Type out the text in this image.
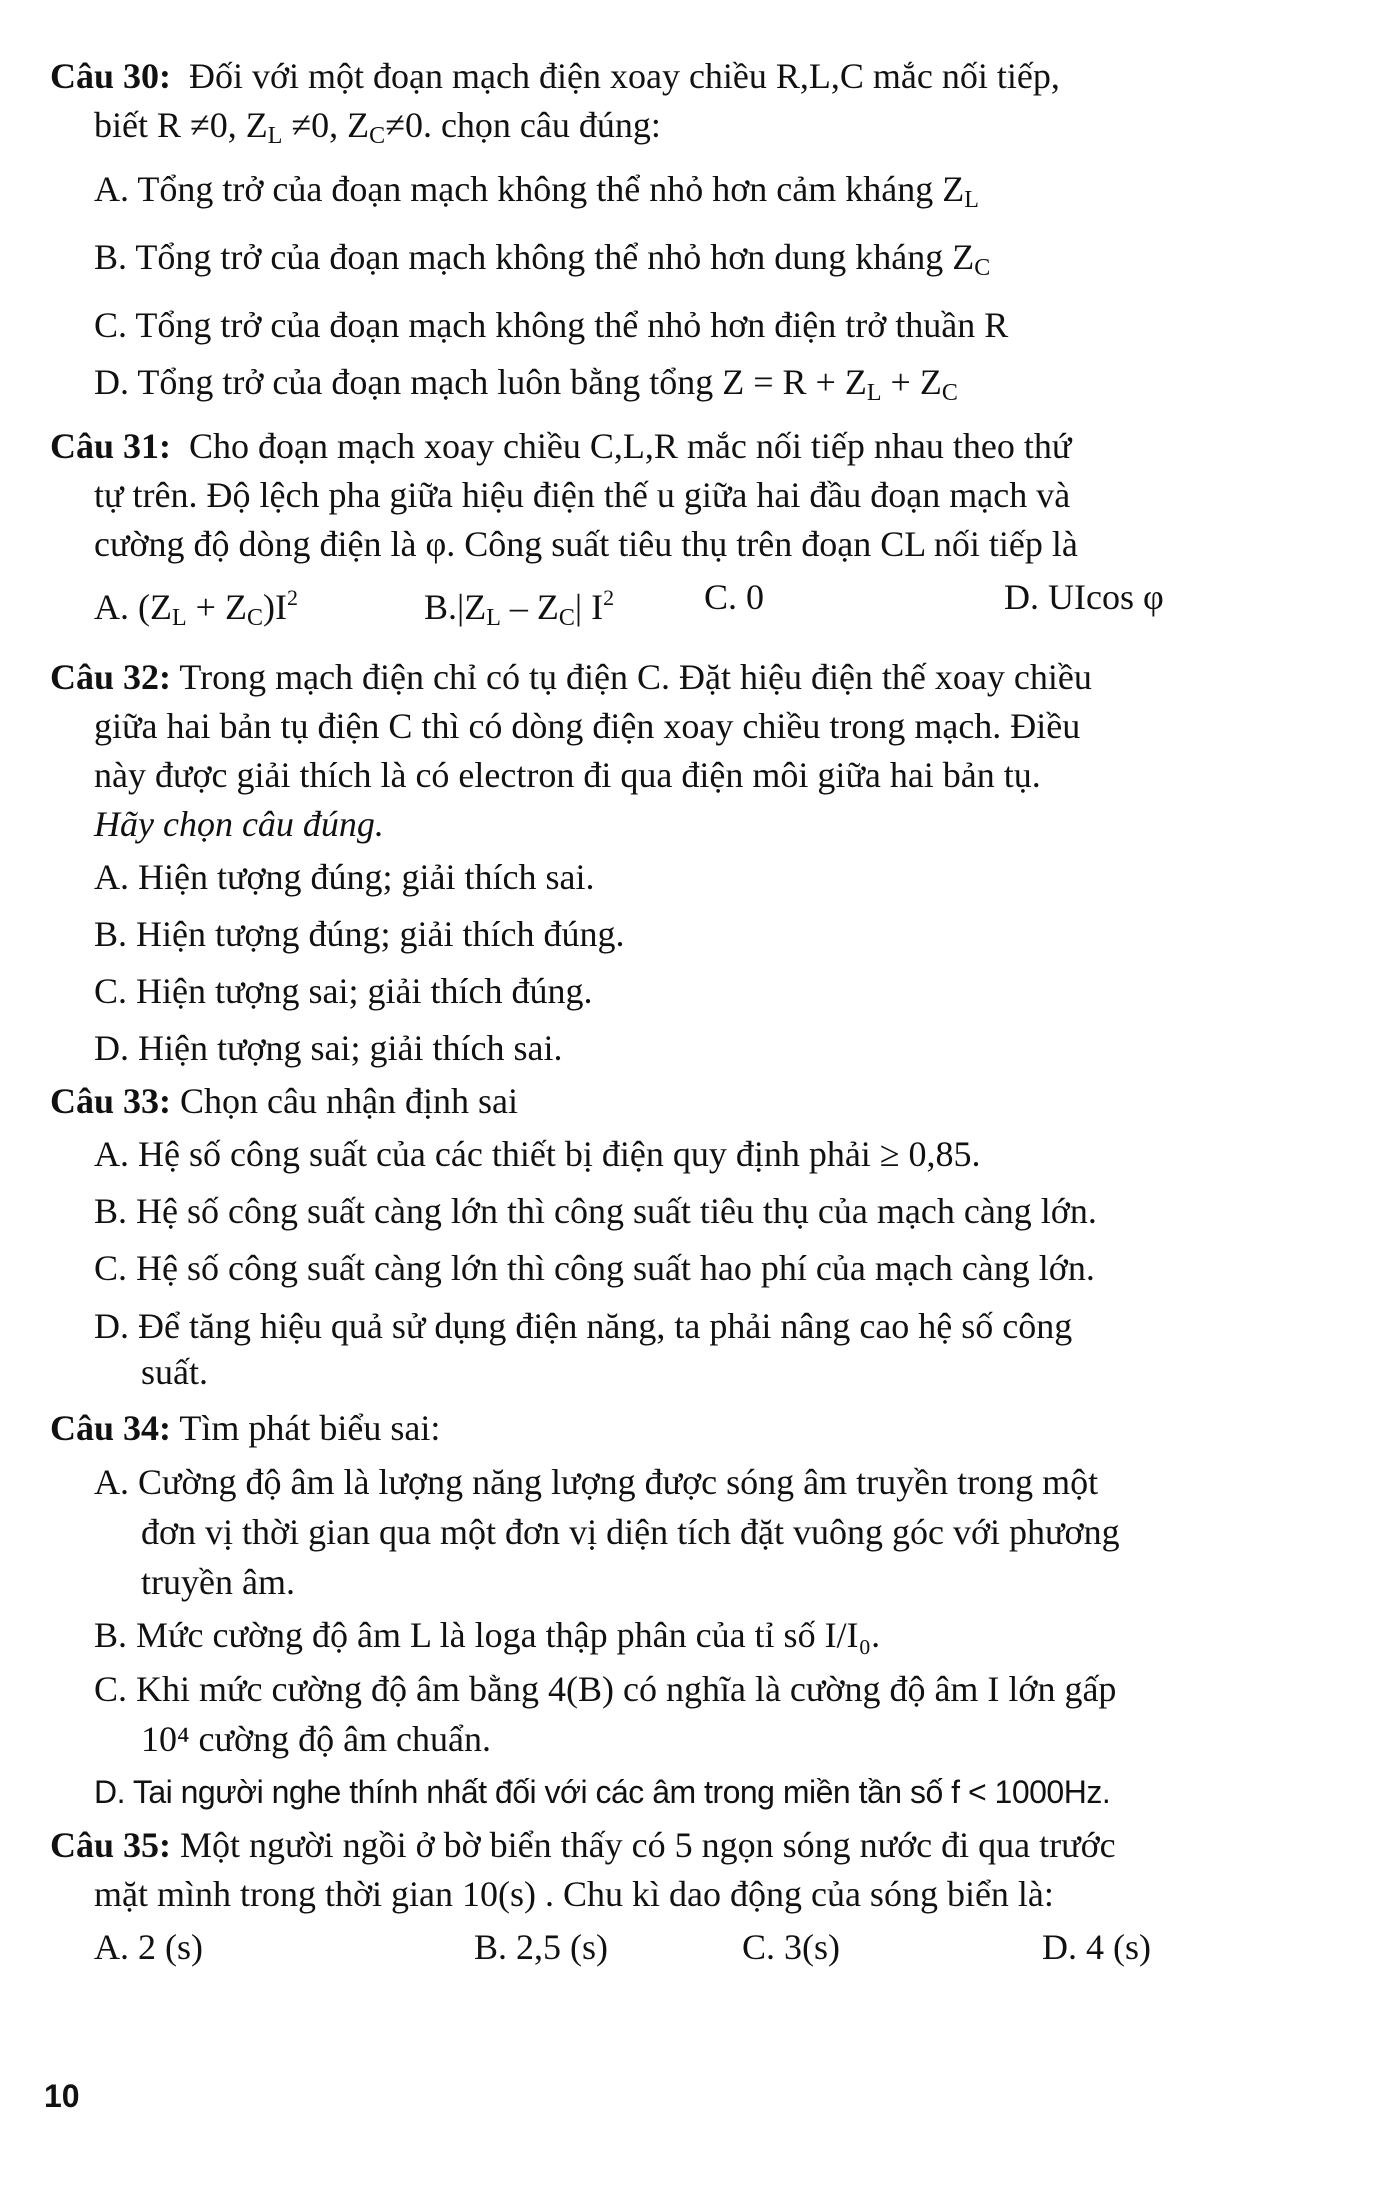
Câu 30: Đối với một đoạn mạch điện xoay chiều R,L,C mắc nối tiếp,

biết R ≠0, $Z_L \ne 0$, $Z_C\ne 0$. chọn câu đúng:

A. Tổng trở của đoạn mạch không thể nhỏ hơn cảm kháng $Z_L$

B. Tổng trở của đoạn mạch không thể nhỏ hơn dung kháng $Z_C$

C. Tổng trở của đoạn mạch không thể nhỏ hơn điện trở thuần R

D. Tổng trở của đoạn mạch luôn bằng tổng $Z = R + Z_L + Z_C$

Câu 31: Cho đoạn mạch xoay chiều C,L,R mắc nối tiếp nhau theo thứ

tự trên. Độ lệch pha giữa hiệu điện thế u giữa hai đầu đoạn mạch và

cường độ dòng điện là φ. Công suất tiêu thụ trên đoạn CL nối tiếp là

A. (ZL + ZC)I2	B.|ZL – ZC| I2	C. 0	D. UIcos φ

Câu 32: Trong mạch điện chỉ có tụ điện C. Đặt hiệu điện thế xoay chiều

giữa hai bản tụ điện C thì có dòng điện xoay chiều trong mạch. Điều

này được giải thích là có electron đi qua điện môi giữa hai bản tụ.

Hãy chọn câu đúng.

A. Hiện tượng đúng; giải thích sai.

B. Hiện tượng đúng; giải thích đúng.

C. Hiện tượng sai; giải thích đúng.

D. Hiện tượng sai; giải thích sai.

Câu 33: Chọn câu nhận định sai

A. Hệ số công suất của các thiết bị điện quy định phải ≥ 0,85.

B. Hệ số công suất càng lớn thì công suất tiêu thụ của mạch càng lớn.

C. Hệ số công suất càng lớn thì công suất hao phí của mạch càng lớn.

D. Để tăng hiệu quả sử dụng điện năng, ta phải nâng cao hệ số công

suất.

Câu 34: Tìm phát biểu sai:

A. Cường độ âm là lượng năng lượng được sóng âm truyền trong một
đơn vị thời gian qua một đơn vị diện tích đặt vuông góc với phương
truyền âm.

B. Mức cường độ âm L là loga thập phân của tỉ số I/I₀.

C. Khi mức cường độ âm bằng 4(B) có nghĩa là cường độ âm I lớn gấp
10⁴ cường độ âm chuẩn.

D. Tai người nghe thính nhất đối với các âm trong miền tần số f < 1000Hz.

Câu 35: Một người ngồi ở bờ biển thấy có 5 ngọn sóng nước đi qua trước

mặt mình trong thời gian 10(s) . Chu kì dao động của sóng biển là:

A. 2 (s)	B. 2,5 (s)	C. 3(s)	D. 4 (s)
10
